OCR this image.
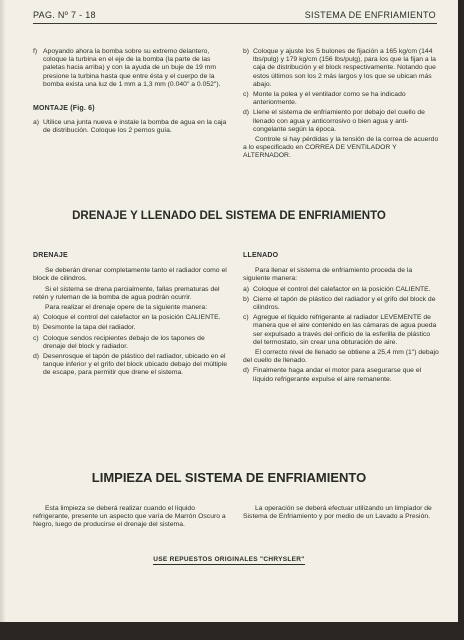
PAG. Nº 7 - 18	SISTEMA DE ENFRIAMIENTO
f) Apoyando ahora la bomba sobre su extremo delantero, coloque la turbina en el eje de la bomba (la parte de las paletas hacia arriba) y con la ayuda de un buje de 19 mm presione la turbina hasta que entre ésta y el cuerpo de la bomba exista una luz de 1 mm a 1,3 mm (0.040" a 0.052").
MONTAJE (Fig. 6)
a) Utilice una junta nueva e instale la bomba de agua en la caja de distribución. Coloque los 2 pernos guía.
b) Coloque y ajuste los 5 bulones de fijación a 165 kg/cm (144 lbs/pulg) y 179 kg/cm (156 lbs/pulg), para los que la fijan a la caja de distribución y el block respectivamente. Notando que estos últimos son los 2 más largos y los que se ubican más abajo.
c) Monte la polea y el ventilador como se ha indicado anteriormente.
d) Llene el sistema de enfriamiento por debajo del cuello de llenado con agua y anticorrosivo o bien agua y anti-congelante según la época.

Controle si hay pérdidas y la tensión de la correa de acuerdo a lo especificado en CORREA DE VENTILADOR Y ALTERNADOR.

DRENAJE Y LLENADO DEL SISTEMA DE ENFRIAMIENTO
DRENAJE

Se deberán drenar completamente tanto el radiador como el block de cilindros.

Si el sistema se drena parcialmente, fallas prematuras del retén y ruleman de la bomba de agua podrán ocurrir.

Para realizar el drenaje opere de la siguiente manera:

a) Coloque el control del calefactor en la posición CALIENTE.
b) Desmonte la tapa del radiador.
c) Coloque sendos recipientes debajo de los tapones de drenaje del block y radiador.
d) Desenrosque el tapón de plástico del radiador, ubicado en el tanque inferior y el grifo del block ubicado debajo del múltiple de escape, para permitir que drene el sistema.
LLENADO

Para llenar el sistema de enfriamiento proceda de la siguiente manera:

a) Coloque el control del calefactor en la posición CALIENTE.
b) Cierre el tapón de plástico del radiador y el grifo del block de cilindros.
c) Agregue el líquido refrigerante al radiador LEVEMENTE de manera que el aire contenido en las cámaras de agua pueda ser expulsado a través del orificio de la esferilla de plástico del termostato, sin crear una obturación de aire.

El correcto nivel de llenado se obtiene a 25,4 mm (1") debajo del cuello de llenado.

d) Finalmente haga andar el motor para asegurarse que el líquido refrigerante expulse el aire remanente.
LIMPIEZA DEL SISTEMA DE ENFRIAMIENTO

Esta limpieza se deberá realizar cuando el líquido refrigerante, presente un aspecto que varía de Marrón Oscuro a Negro, luego de producirse el drenaje del sistema.

La operación se deberá efectuar utilizando un limpiador de Sistema de Enfriamiento y por medio de un Lavado a Presión.

USE REPUESTOS ORIGINALES "CHRYSLER"
